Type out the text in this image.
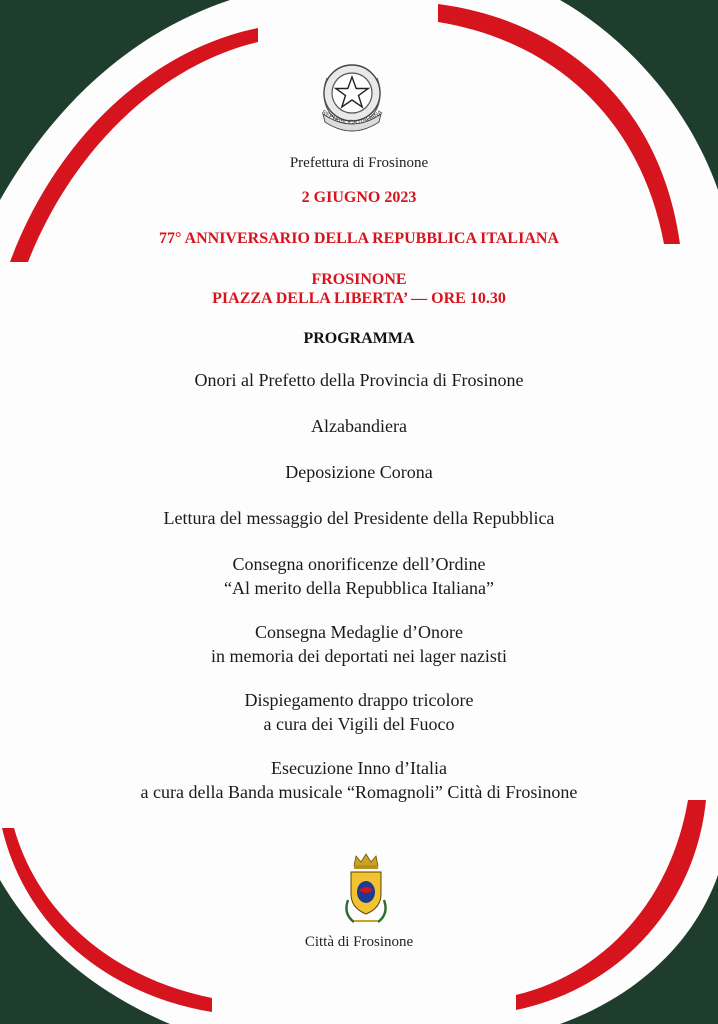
REPUBBLICA ITALIANA
Prefettura di Frosinone
2 GIUGNO 2023
77° ANNIVERSARIO DELLA REPUBBLICA ITALIANA
FROSINONE
PIAZZA DELLA LIBERTA’ — ORE 10.30
PROGRAMMA
Onori al Prefetto della Provincia di Frosinone
Alzabandiera
Deposizione Corona
Lettura del messaggio del Presidente della Repubblica
Consegna onorificenze dell’Ordine
“Al merito della Repubblica Italiana”
Consegna Medaglie d’Onore
in memoria dei deportati nei lager nazisti
Dispiegamento drappo tricolore
a cura dei Vigili del Fuoco
Esecuzione Inno d’Italia
a cura della Banda musicale “Romagnoli” Città di Frosinone
Città di Frosinone
